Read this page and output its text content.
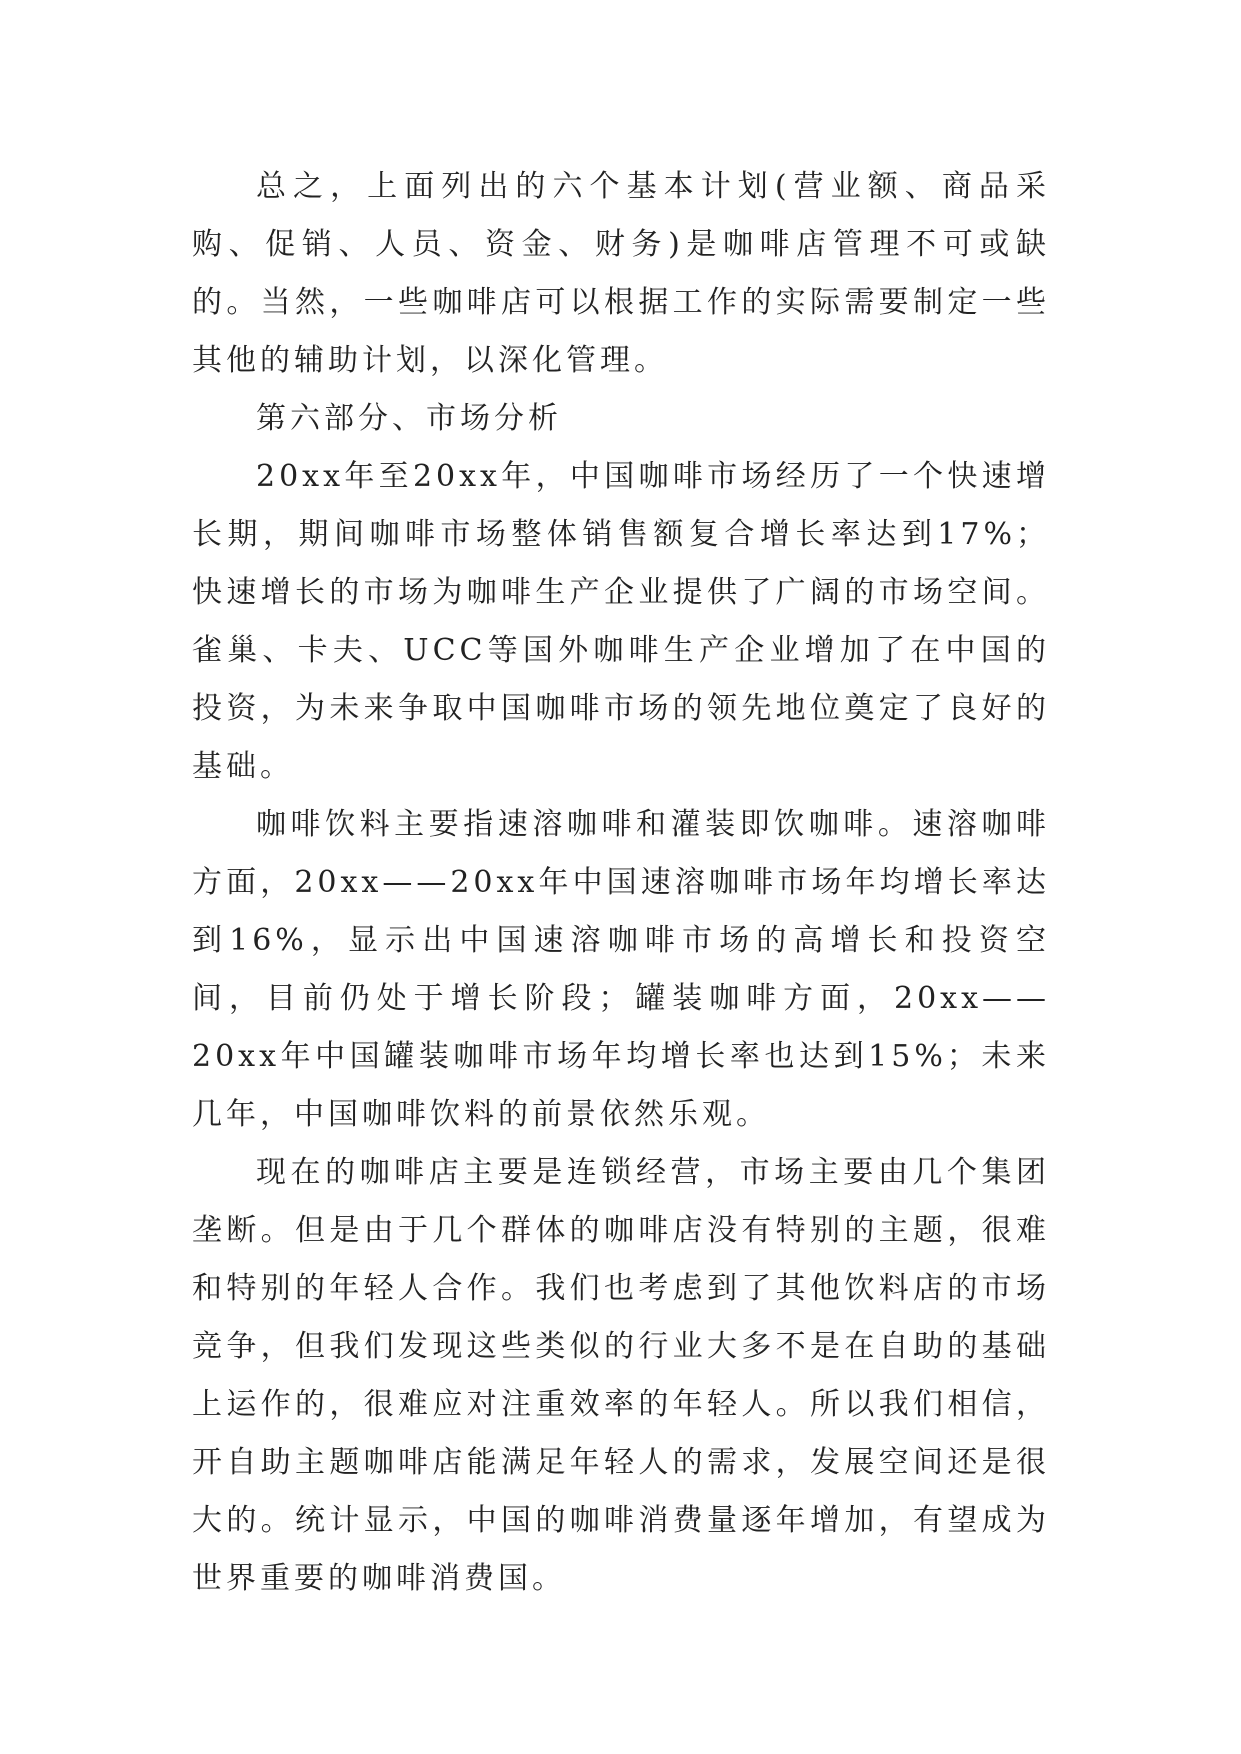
总之，上面列出的六个基本计划(营业额、商品采购、促销、人员、资金、财务)是咖啡店管理不可或缺的。当然，一些咖啡店可以根据工作的实际需要制定一些其他的辅助计划，以深化管理。

第六部分、市场分析

20xx年至20xx年，中国咖啡市场经历了一个快速增长期，期间咖啡市场整体销售额复合增长率达到17%；快速增长的市场为咖啡生产企业提供了广阔的市场空间。雀巢、卡夫、UCC等国外咖啡生产企业增加了在中国的投资，为未来争取中国咖啡市场的领先地位奠定了良好的基础。

咖啡饮料主要指速溶咖啡和灌装即饮咖啡。速溶咖啡方面，20xx——20xx年中国速溶咖啡市场年均增长率达到16%，显示出中国速溶咖啡市场的高增长和投资空间，目前仍处于增长阶段；罐装咖啡方面，20xx——20xx年中国罐装咖啡市场年均增长率也达到15%；未来几年，中国咖啡饮料的前景依然乐观。

现在的咖啡店主要是连锁经营，市场主要由几个集团垄断。但是由于几个群体的咖啡店没有特别的主题，很难和特别的年轻人合作。我们也考虑到了其他饮料店的市场竞争，但我们发现这些类似的行业大多不是在自助的基础上运作的，很难应对注重效率的年轻人。所以我们相信，开自助主题咖啡店能满足年轻人的需求，发展空间还是很大的。统计显示，中国的咖啡消费量逐年增加，有望成为世界重要的咖啡消费国。
